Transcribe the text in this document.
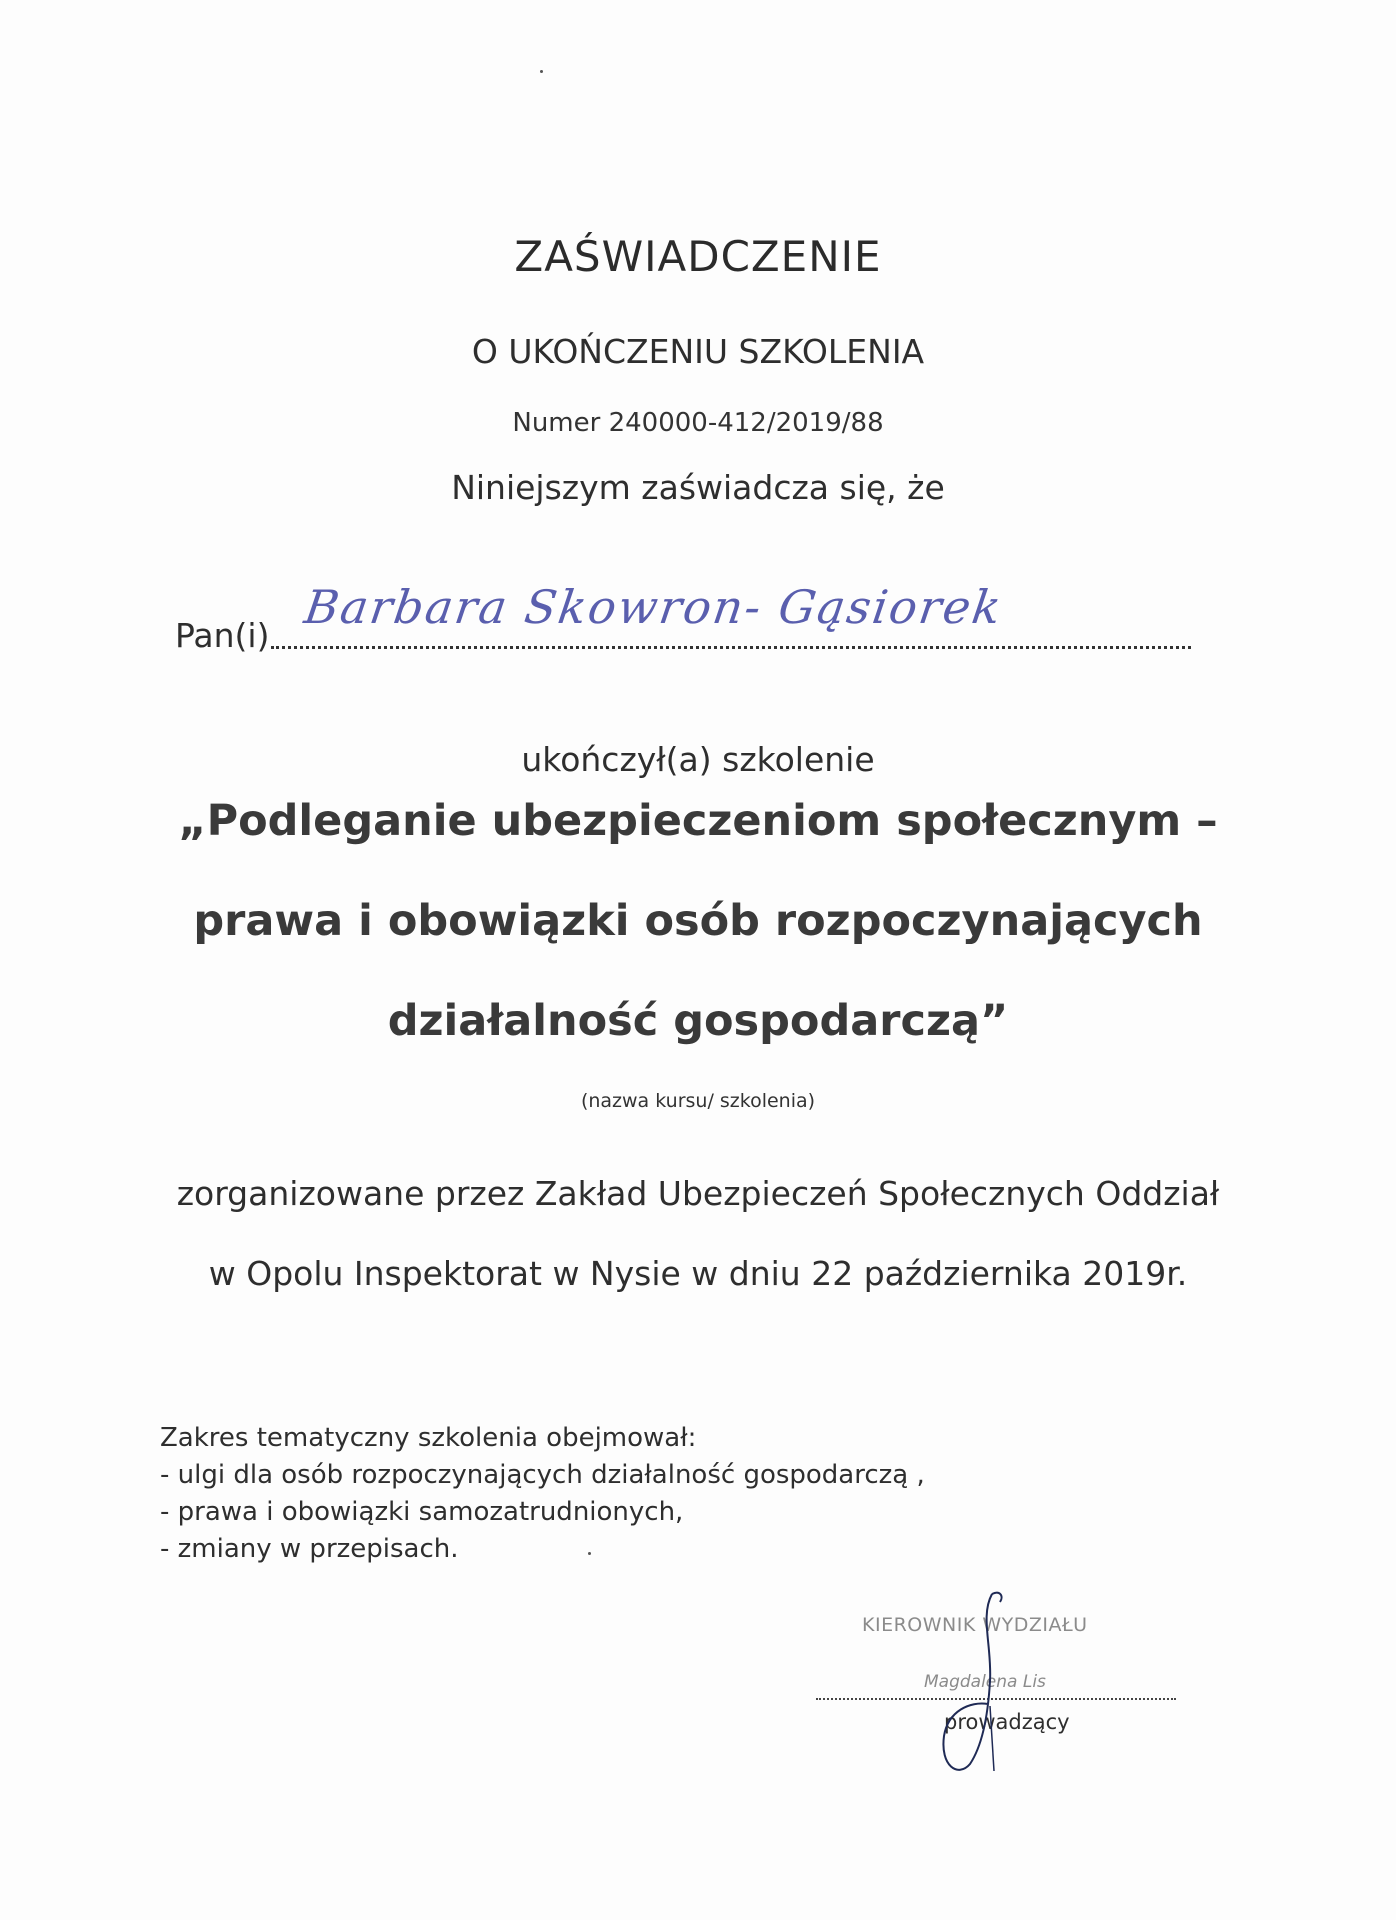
ZAŚWIADCZENIE
O UKOŃCZENIU SZKOLENIA
Numer 240000-412/2019/88
Niniejszym zaświadcza się, że
Pan(i)
Barbara Skowron- Gąsiorek
ukończył(a) szkolenie
„Podleganie ubezpieczeniom społecznym –
prawa i obowiązki osób rozpoczynających
działalność gospodarczą”
(nazwa kursu/ szkolenia)
zorganizowane przez Zakład Ubezpieczeń Społecznych Oddział
w Opolu Inspektorat w Nysie w dniu 22 października 2019r.
Zakres tematyczny szkolenia obejmował:
- ulgi dla osób rozpoczynających działalność gospodarczą ,
- prawa i obowiązki samozatrudnionych,
- zmiany w przepisach.
KIEROWNIK WYDZIAŁU
Magdalena Lis
prowadzący
